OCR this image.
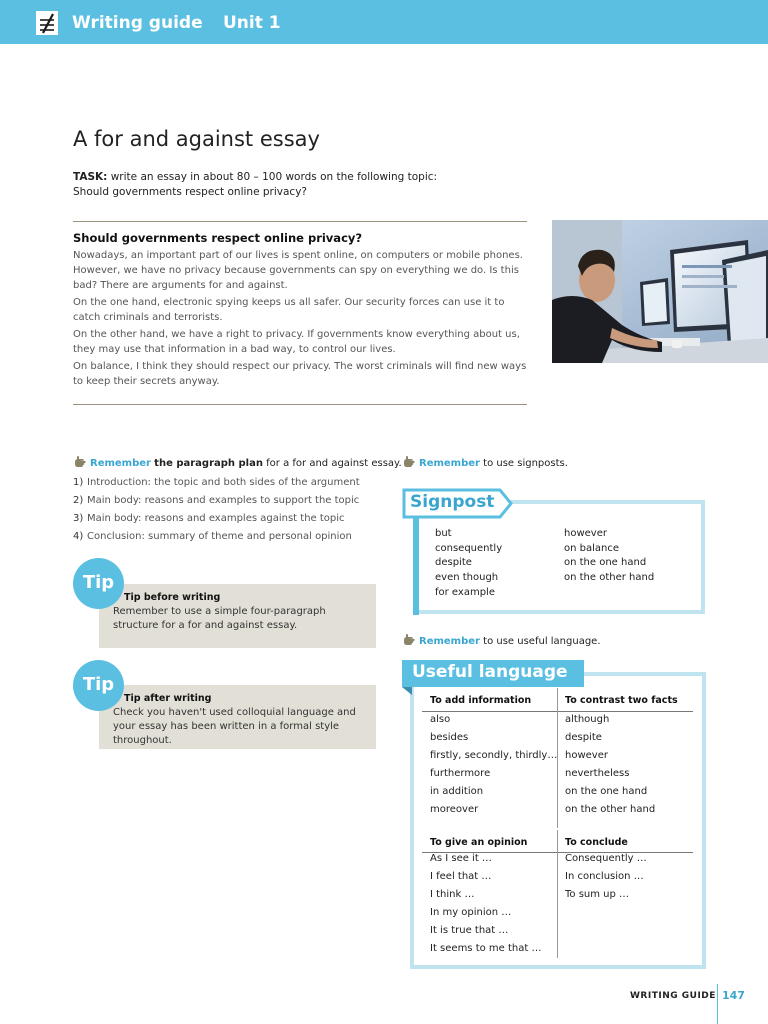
Writing guide Unit 1
A for and against essay
TASK: write an essay in about 80 – 100 words on the following topic:
Should governments respect online privacy?
Should governments respect online privacy?

Nowadays, an important part of our lives is spent online, on computers or mobile phones. However, we have no privacy because governments can spy on everything we do. Is this bad? There are arguments for and against.

On the one hand, electronic spying keeps us all safer. Our security forces can use it to catch criminals and terrorists.

On the other hand, we have a right to privacy. If governments know everything about us, they may use that information in a bad way, to control our lives.

On balance, I think they should respect our privacy. The worst criminals will find new ways to keep their secrets anyway.

Remember the paragraph plan for a for and against essay.
1) Introduction: the topic and both sides of the argument
2) Main body: reasons and examples to support the topic
3) Main body: reasons and examples against the topic
4) Conclusion: summary of theme and personal opinion
Tip before writing
Remember to use a simple four-paragraph structure for a for and against essay.
Tip
Tip after writing
Check you haven't used colloquial language and your essay has been written in a formal style throughout.
Tip
Remember to use signposts.
Signpost
but
consequently
despite
even though
for example
however
on balance
on the one hand
on the other hand
Remember to use useful language.
Useful language
To add information	To contrast two facts
also
besides
firstly, secondly, thirdly…
furthermore
in addition
moreover
although
despite
however
nevertheless
on the one hand
on the other hand
To give an opinion	To conclude
As I see it …
I feel that …
I think …
In my opinion …
It is true that …
It seems to me that …
Consequently …
In conclusion …
To sum up …
WRITING GUIDE 147
